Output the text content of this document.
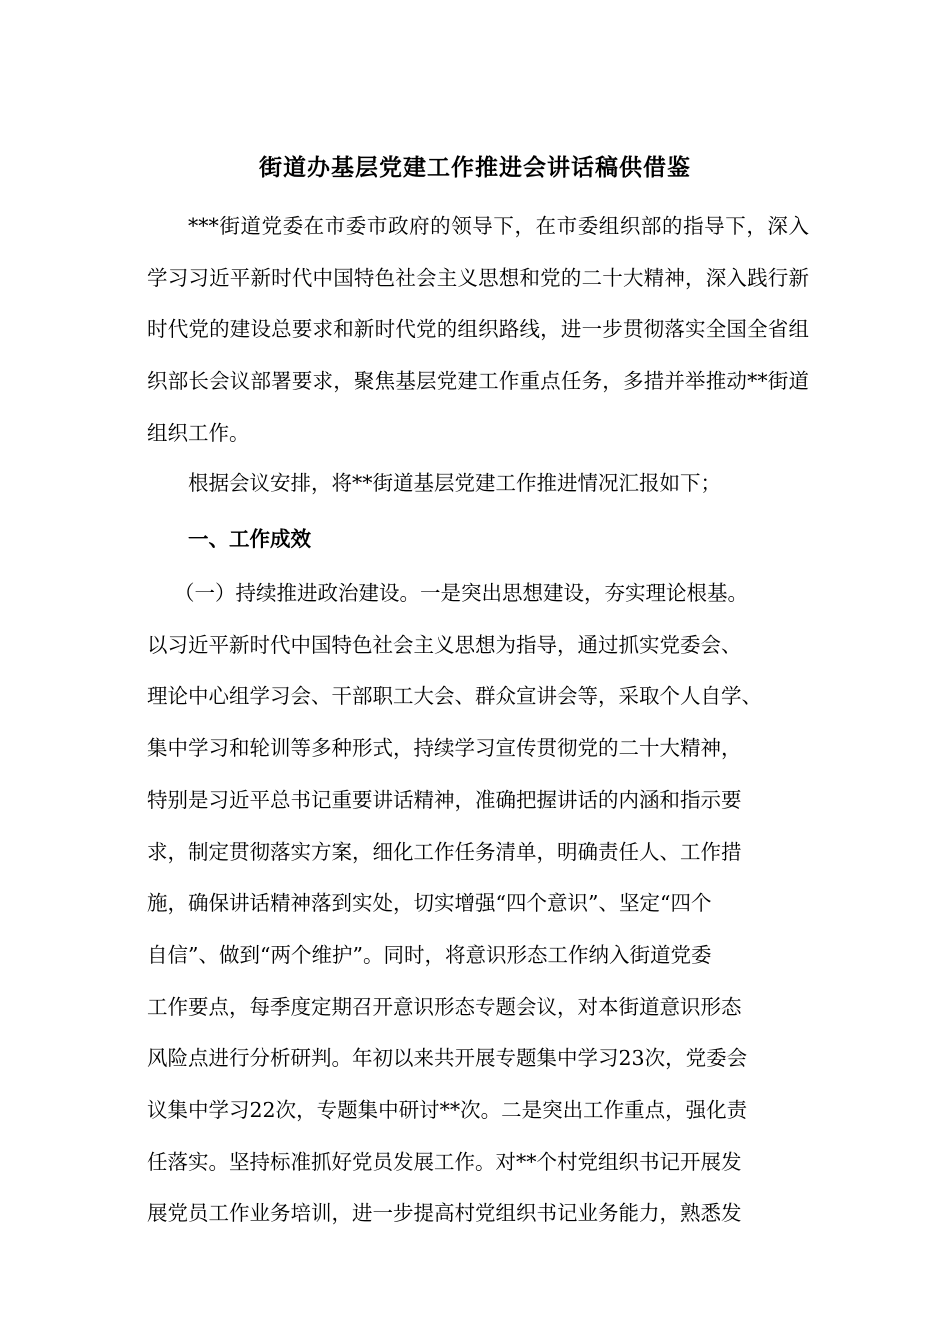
街道办基层党建工作推进会讲话稿供借鉴

***街道党委在市委市政府的领导下，在市委组织部的指导下，深入学习习近平新时代中国特色社会主义思想和党的二十大精神，深入践行新时代党的建设总要求和新时代党的组织路线，进一步贯彻落实全国全省组织部长会议部署要求，聚焦基层党建工作重点任务，多措并举推动**街道组织工作。

根据会议安排，将**街道基层党建工作推进情况汇报如下；

一、工作成效

（一）持续推进政治建设。一是突出思想建设，夯实理论根基。
以习近平新时代中国特色社会主义思想为指导，通过抓实党委会、
理论中心组学习会、干部职工大会、群众宣讲会等，采取个人自学、
集中学习和轮训等多种形式，持续学习宣传贯彻党的二十大精神，
特别是习近平总书记重要讲话精神，准确把握讲话的内涵和指示要
求，制定贯彻落实方案，细化工作任务清单，明确责任人、工作措
施，确保讲话精神落到实处，切实增强“四个意识”、坚定“四个
自信”、做到“两个维护”。同时，将意识形态工作纳入街道党委
工作要点，每季度定期召开意识形态专题会议，对本街道意识形态
风险点进行分析研判。年初以来共开展专题集中学习23次，党委会
议集中学习22次，专题集中研讨**次。二是突出工作重点，强化责
任落实。坚持标准抓好党员发展工作。对**个村党组织书记开展发
展党员工作业务培训，进一步提高村党组织书记业务能力，熟悉发
